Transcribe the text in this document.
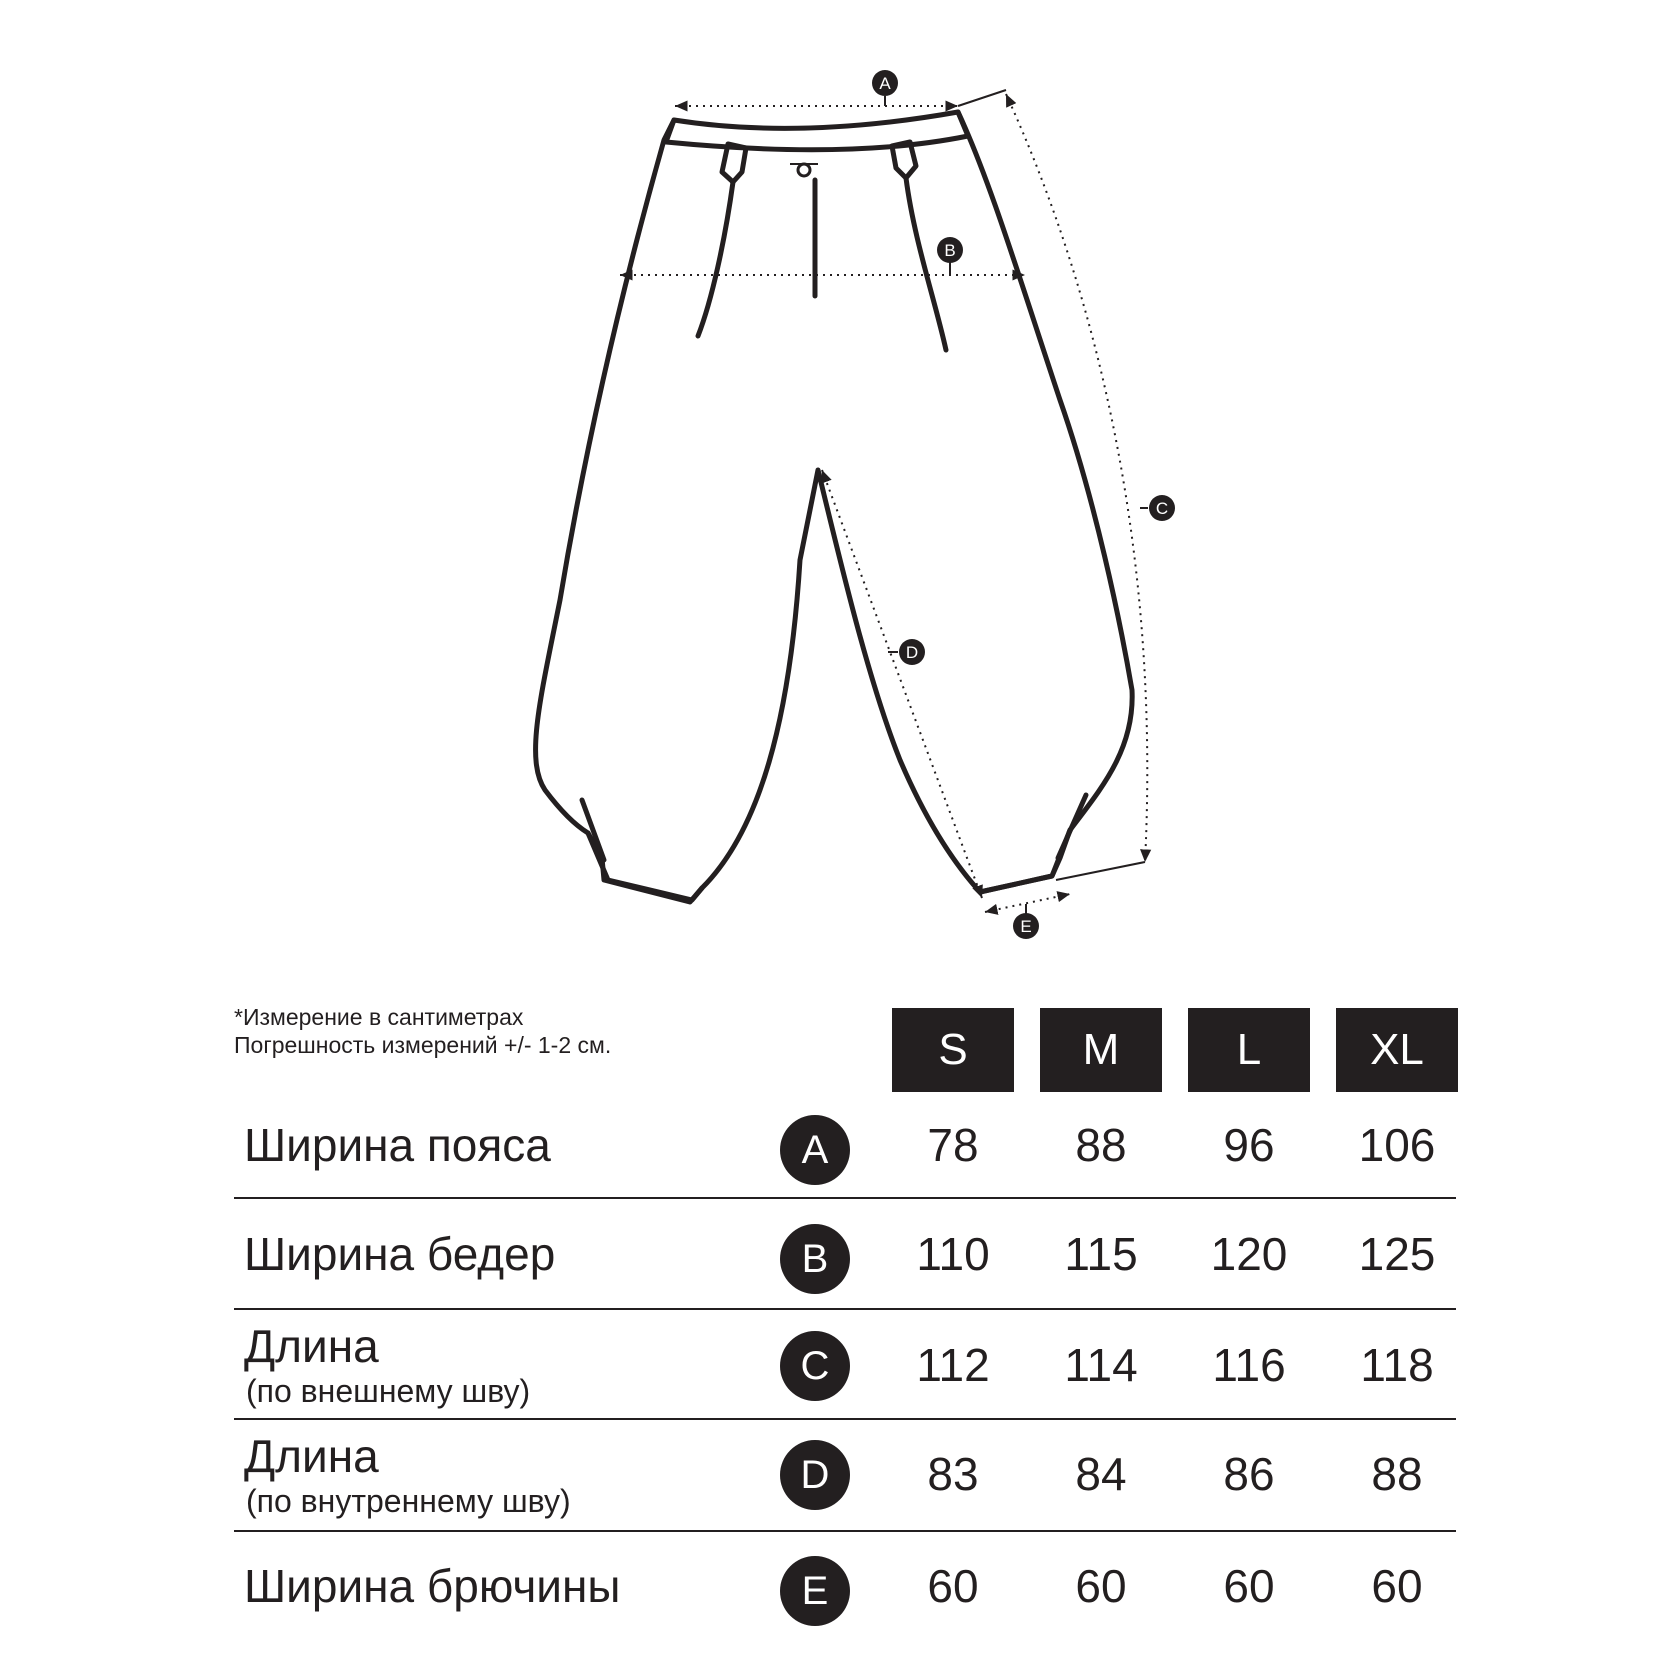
A
B
C
D
E
*Измерение в сантиметрах
Погрешность измерений +/- 1-2 см.	S	M	L	XL
Ширина пояса	A	78	88	96	106
Ширина бедер	B	110	115	120	125
Длина
(по внешнему шву)
C	112	114	116	118
Длина
(по внутреннему шву)
D	83	84	86	88
Ширина брючины	E	60	60	60	60
